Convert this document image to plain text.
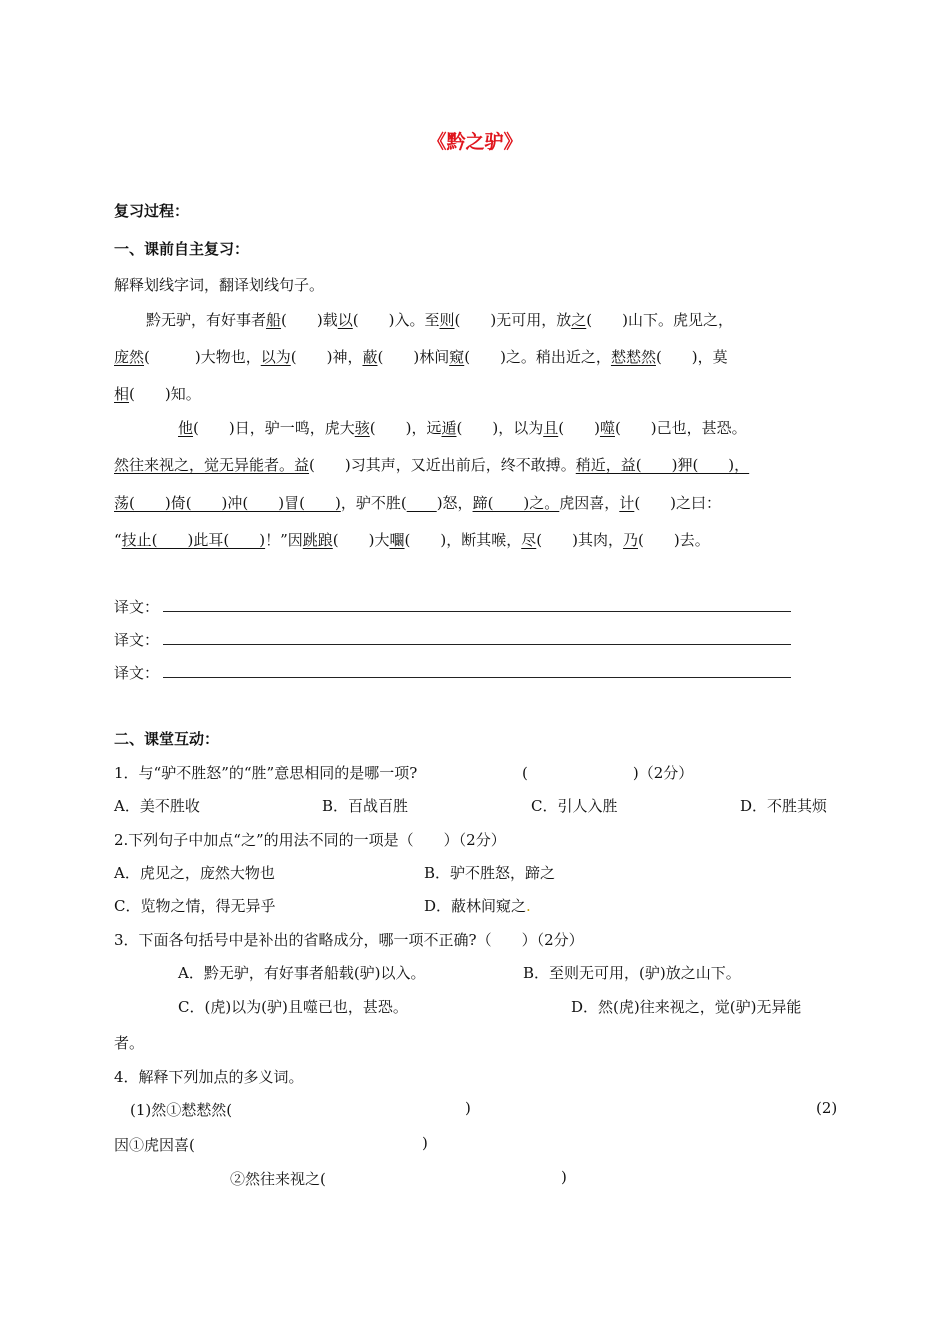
《黔之驴》
复习过程：
一、课前自主复习：
解释划线字词，翻译划线句子。
黔无驴，有好事者船(　　)载以(　　)入。至则(　　)无可用，放之(　　)山下。虎见之，
庞然(　　　)大物也，以为(　　)神，蔽(　　)林间窥(　　)之。稍出近之，慭慭然(　　)，莫
相(　　)知。
他(　　)日，驴一鸣，虎大骇(　　)，远遁(　　)，以为且(　　)噬(　　)己也，甚恐。
然往来视之，觉无异能者。益(　　)习其声，又近出前后，终不敢搏。稍近，益(　　)狎(　　)，
荡(　　)倚(　　)冲(　　)冒(　　)，驴不胜(　　 )怒，蹄(　　)之。虎因喜，计(　　)之曰：
“技止(　　)此耳(　　)！”因跳踉(　　)大㘚(　　)，断其喉，尽(　　)其肉，乃(　　)去。
译文：
译文：
译文：
二、课堂互动：
1．与“驴不胜怒”的“胜”意思相同的是哪一项?	(　　　　　　　)（2分）
A．美不胜收	B．百战百胜	C．引人入胜	D．不胜其烦
2.下列句子中加点“之”的用法不同的一项是（　　）（2分）
A．虎见之，庞然大物也	B．驴不胜怒，蹄之
C．览物之情，得无异乎	D．蔽林间窥之.
3．下面各句括号中是补出的省略成分，哪一项不正确?（　　）（2分）
A．黔无驴，有好事者船载(驴)以入。	B．至则无可用，(驴)放之山下。
C．(虎)以为(驴)且噬已也，甚恐。	D．然(虎)往来视之，觉(驴)无异能
者。
4．解释下列加点的多义词。
(1)然①慭慭然(	)	(2)
因①虎因喜(	)
②然往来视之(	)
